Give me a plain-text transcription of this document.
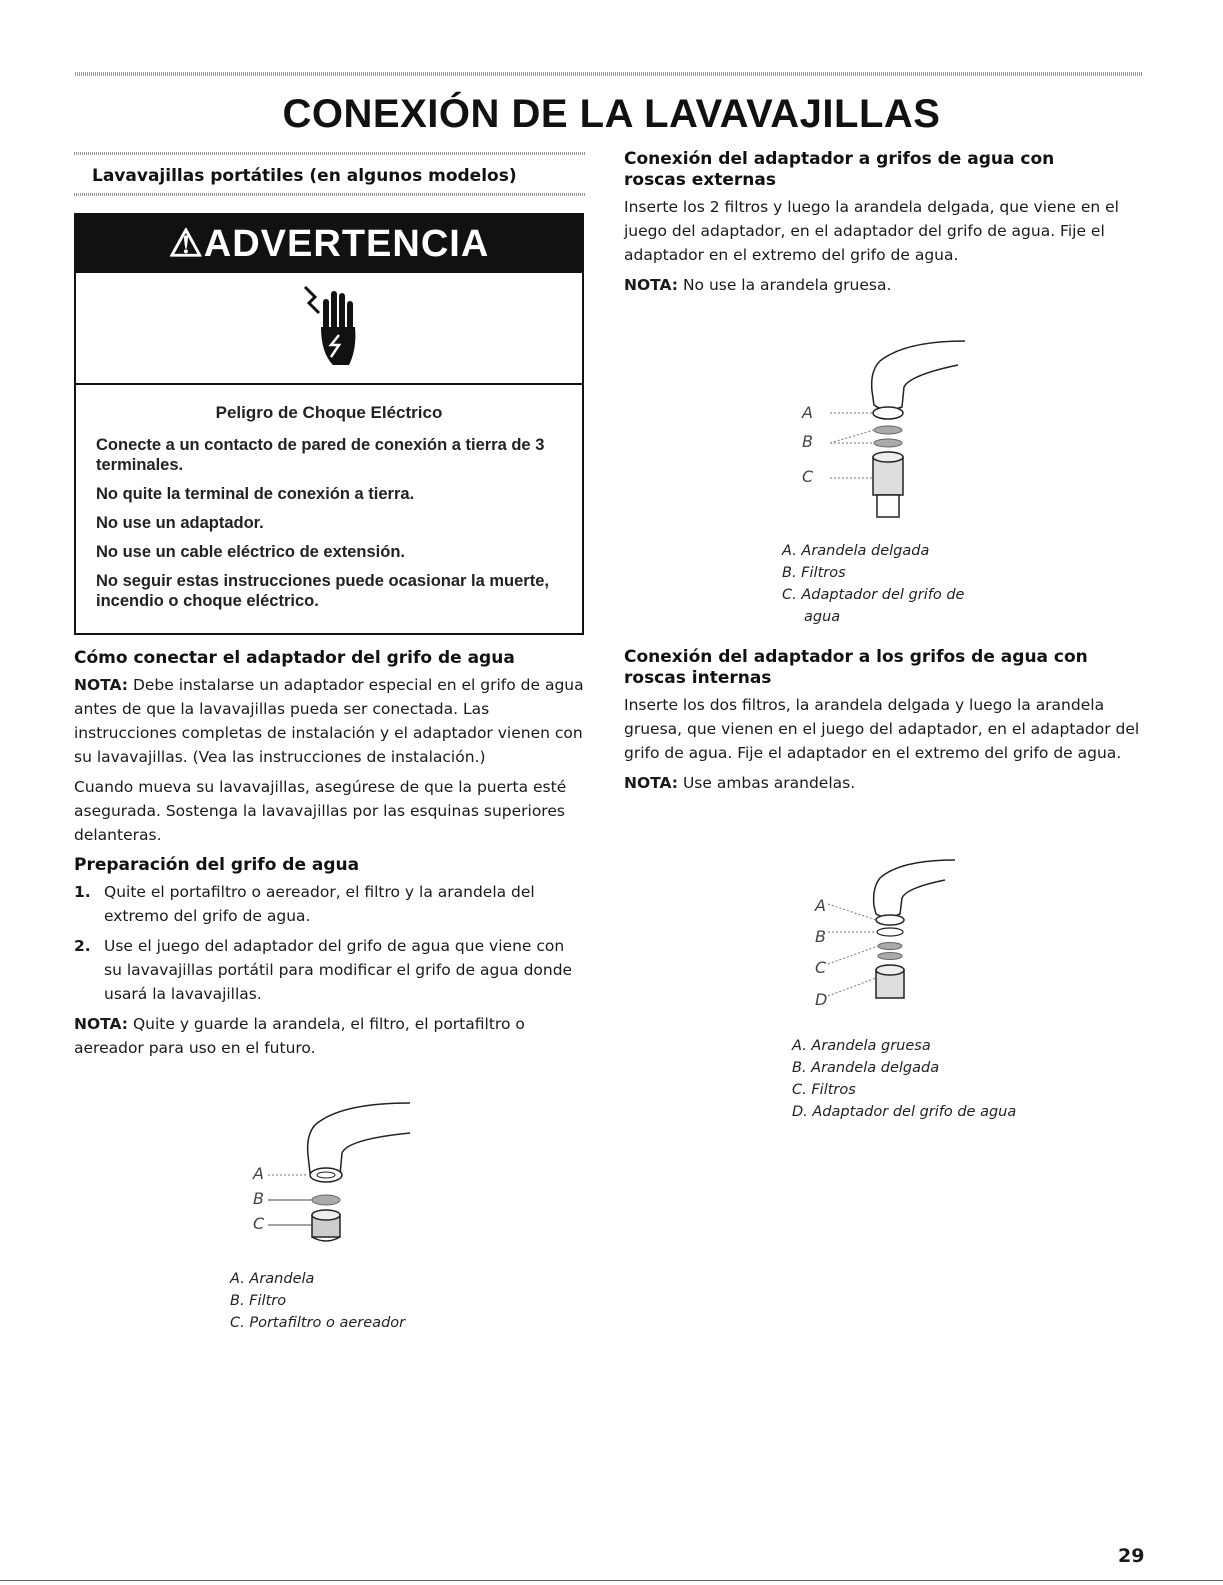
CONEXIÓN DE LA LAVAVAJILLAS
Lavavajillas portátiles (en algunos modelos)
⚠ADVERTENCIA
Peligro de Choque Eléctrico

Conecte a un contacto de pared de conexión a tierra de 3 terminales.

No quite la terminal de conexión a tierra.

No use un adaptador.

No use un cable eléctrico de extensión.

No seguir estas instrucciones puede ocasionar la muerte, incendio o choque eléctrico.

Cómo conectar el adaptador del grifo de agua

NOTA: Debe instalarse un adaptador especial en el grifo de agua antes de que la lavavajillas pueda ser conectada. Las instrucciones completas de instalación y el adaptador vienen con su lavavajillas. (Vea las instrucciones de instalación.)

Cuando mueva su lavavajillas, asegúrese de que la puerta esté asegurada. Sostenga la lavavajillas por las esquinas superiores delanteras.

Preparación del grifo de agua
1. Quite el portafiltro o aereador, el filtro y la arandela del extremo del grifo de agua.
2. Use el juego del adaptador del grifo de agua que viene con su lavavajillas portátil para modificar el grifo de agua donde usará la lavavajillas.

NOTA: Quite y guarde la arandela, el filtro, el portafiltro o aereador para uso en el futuro.

A
B
C
A. Arandela
B. Filtro
C. Portafiltro o aereador
Conexión del adaptador a grifos de agua con
roscas externas

Inserte los 2 filtros y luego la arandela delgada, que viene en el juego del adaptador, en el adaptador del grifo de agua. Fije el adaptador en el extremo del grifo de agua.

NOTA: No use la arandela gruesa.

A
B
C
A. Arandela delgada
B. Filtros
C. Adaptador del grifo de
agua
Conexión del adaptador a los grifos de agua con
roscas internas

Inserte los dos filtros, la arandela delgada y luego la arandela gruesa, que vienen en el juego del adaptador, en el adaptador del grifo de agua. Fije el adaptador en el extremo del grifo de agua.

NOTA: Use ambas arandelas.

A
B
C
D
A. Arandela gruesa
B. Arandela delgada
C. Filtros
D. Adaptador del grifo de agua
29
